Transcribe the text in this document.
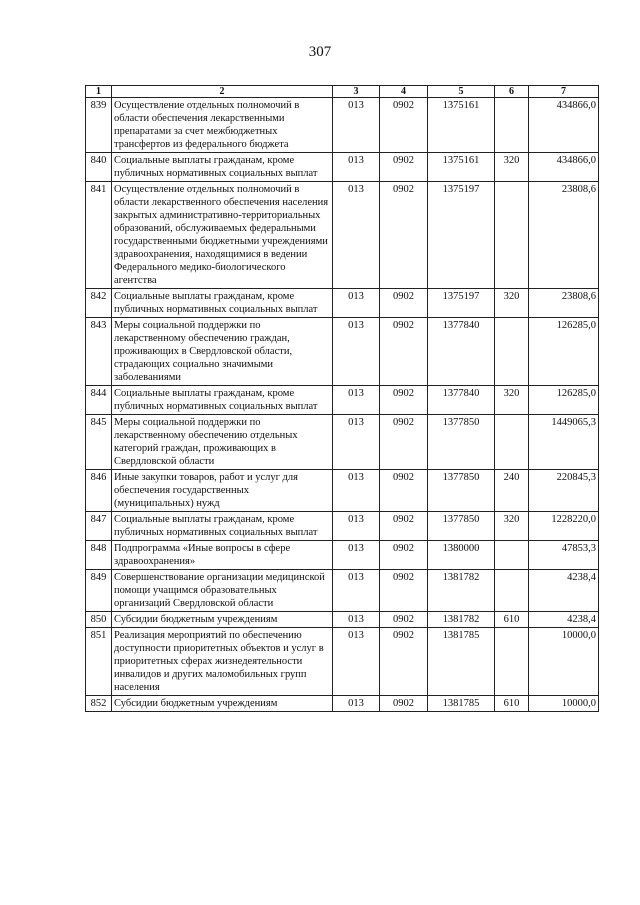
307
1	2	3	4	5	6	7
839	Осуществление отдельных полномочий в области обеспечения лекарственными препаратами за счет межбюджетных трансфертов из федерального бюджета	013	0902	1375161		434866,0
840	Социальные выплаты гражданам, кроме публичных нормативных социальных выплат	013	0902	1375161	320	434866,0
841	Осуществление отдельных полномочий в области лекарственного обеспечения населения закрытых административно-территориальных образований, обслуживаемых федеральными государственными бюджетными учреждениями здравоохранения, находящимися в ведении Федерального медико-биологического агентства	013	0902	1375197		23808,6
842	Социальные выплаты гражданам, кроме публичных нормативных социальных выплат	013	0902	1375197	320	23808,6
843	Меры социальной поддержки по лекарственному обеспечению граждан, проживающих в Свердловской области, страдающих социально значимыми заболеваниями	013	0902	1377840		126285,0
844	Социальные выплаты гражданам, кроме публичных нормативных социальных выплат	013	0902	1377840	320	126285,0
845	Меры социальной поддержки по лекарственному обеспечению отдельных категорий граждан, проживающих в Свердловской области	013	0902	1377850		1449065,3
846	Иные закупки товаров, работ и услуг для обеспечения государственных (муниципальных) нужд	013	0902	1377850	240	220845,3
847	Социальные выплаты гражданам, кроме публичных нормативных социальных выплат	013	0902	1377850	320	1228220,0
848	Подпрограмма «Иные вопросы в сфере здравоохранения»	013	0902	1380000		47853,3
849	Совершенствование организации медицинской помощи учащимся образовательных организаций Свердловской области	013	0902	1381782		4238,4
850	Субсидии бюджетным учреждениям	013	0902	1381782	610	4238,4
851	Реализация мероприятий по обеспечению доступности приоритетных объектов и услуг в приоритетных сферах жизнедеятельности инвалидов и других маломобильных групп населения	013	0902	1381785		10000,0
852	Субсидии бюджетным учреждениям	013	0902	1381785	610	10000,0
